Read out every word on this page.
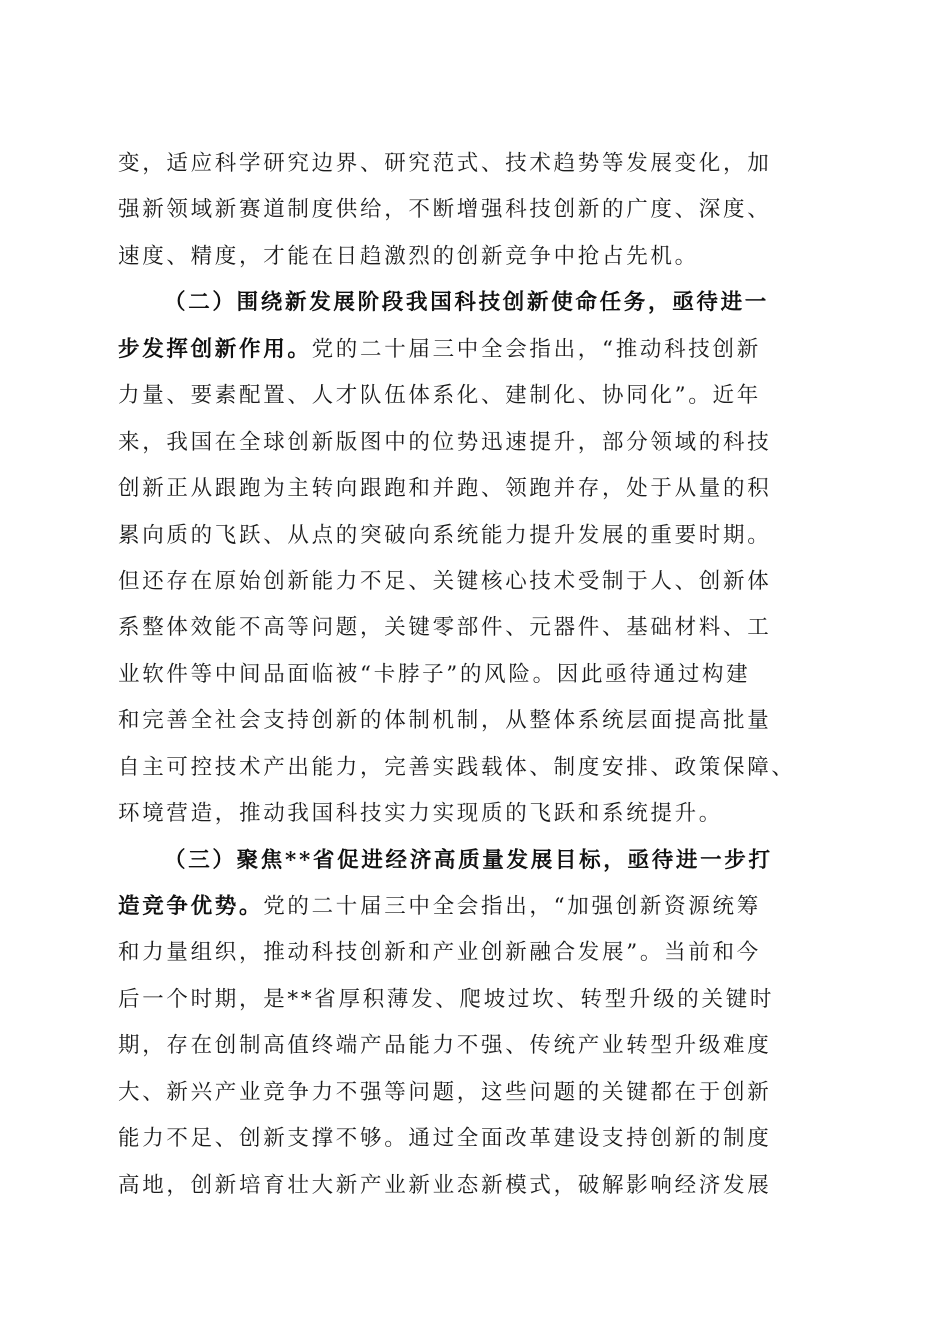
变，适应科学研究边界、研究范式、技术趋势等发展变化，加
强新领域新赛道制度供给，不断增强科技创新的广度、深度、
速度、精度，才能在日趋激烈的创新竞争中抢占先机。
（二）围绕新发展阶段我国科技创新使命任务，亟待进一
步发挥创新作用。党的二十届三中全会指出，“推动科技创新
力量、要素配置、人才队伍体系化、建制化、协同化”。近年
来，我国在全球创新版图中的位势迅速提升，部分领域的科技
创新正从跟跑为主转向跟跑和并跑、领跑并存，处于从量的积
累向质的飞跃、从点的突破向系统能力提升发展的重要时期。
但还存在原始创新能力不足、关键核心技术受制于人、创新体
系整体效能不高等问题，关键零部件、元器件、基础材料、工
业软件等中间品面临被“卡脖子”的风险。因此亟待通过构建
和完善全社会支持创新的体制机制，从整体系统层面提高批量
自主可控技术产出能力，完善实践载体、制度安排、政策保障、
环境营造，推动我国科技实力实现质的飞跃和系统提升。
（三）聚焦**省促进经济高质量发展目标，亟待进一步打
造竞争优势。党的二十届三中全会指出，“加强创新资源统筹
和力量组织，推动科技创新和产业创新融合发展”。当前和今
后一个时期，是**省厚积薄发、爬坡过坎、转型升级的关键时
期，存在创制高值终端产品能力不强、传统产业转型升级难度
大、新兴产业竞争力不强等问题，这些问题的关键都在于创新
能力不足、创新支撑不够。通过全面改革建设支持创新的制度
高地，创新培育壮大新产业新业态新模式，破解影响经济发展
